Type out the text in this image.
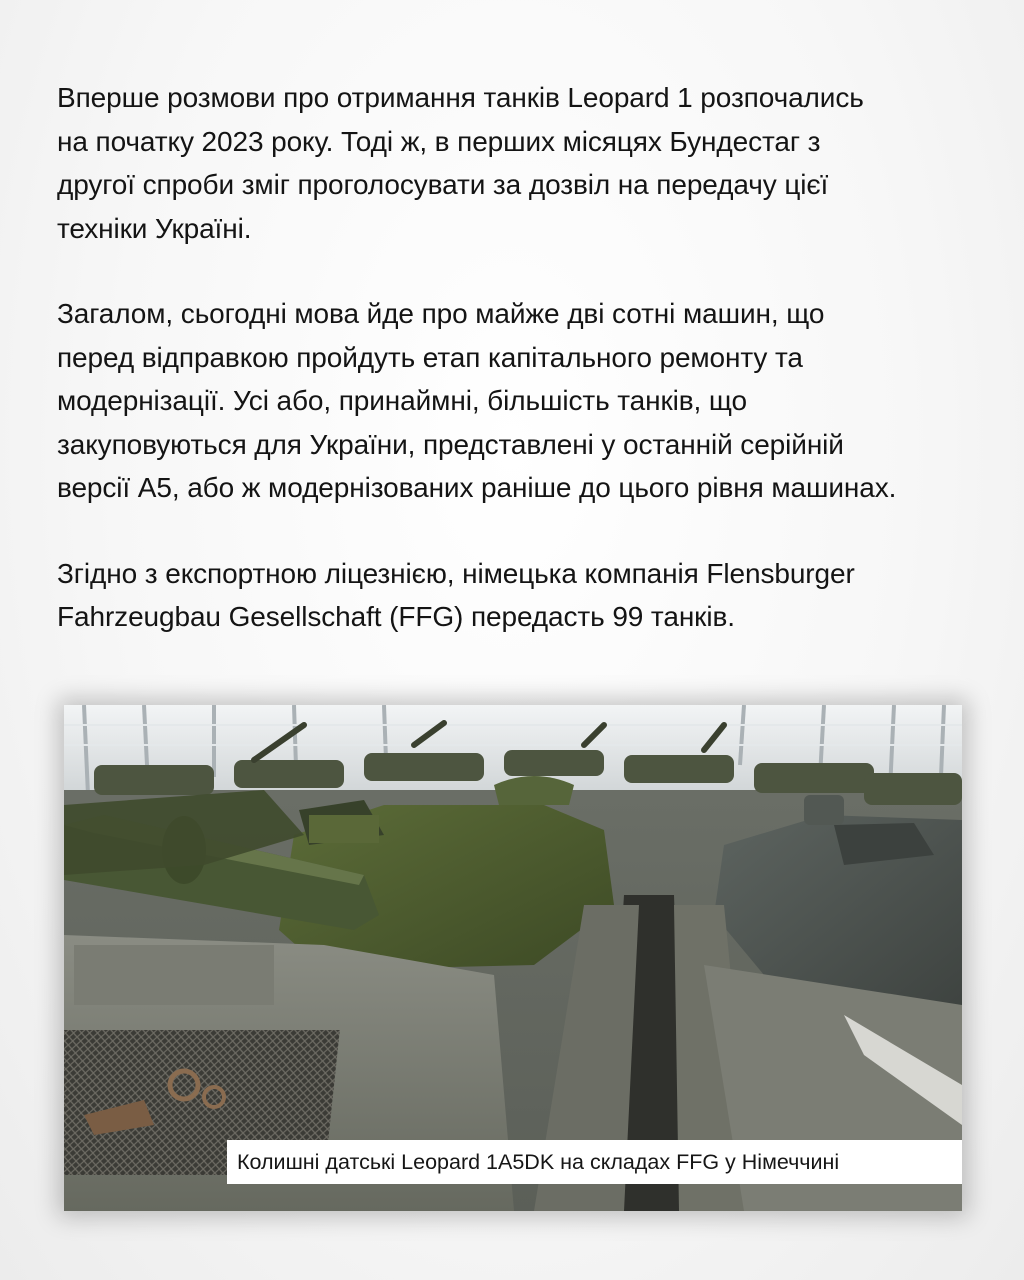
Вперше розмови про отримання танків Leopard 1 розпочались
на початку 2023 року. Тоді ж, в перших місяцях Бундестаг з
другої спроби зміг проголосувати за дозвіл на передачу цієї
техніки Україні.

Загалом, сьогодні мова йде про майже дві сотні машин, що
перед відправкою пройдуть етап капітального ремонту та
модернізації. Усі або, принаймні, більшість танків, що
закуповуються для України, представлені у останній серійній
версії А5, або ж модернізованих раніше до цього рівня машинах.

Згідно з експортною ліцезнією, німецька компанія Flensburger
Fahrzeugbau Gesellschaft (FFG) передасть 99 танків.

Колишні датські Leopard 1A5DK на складах FFG у Німеччині
